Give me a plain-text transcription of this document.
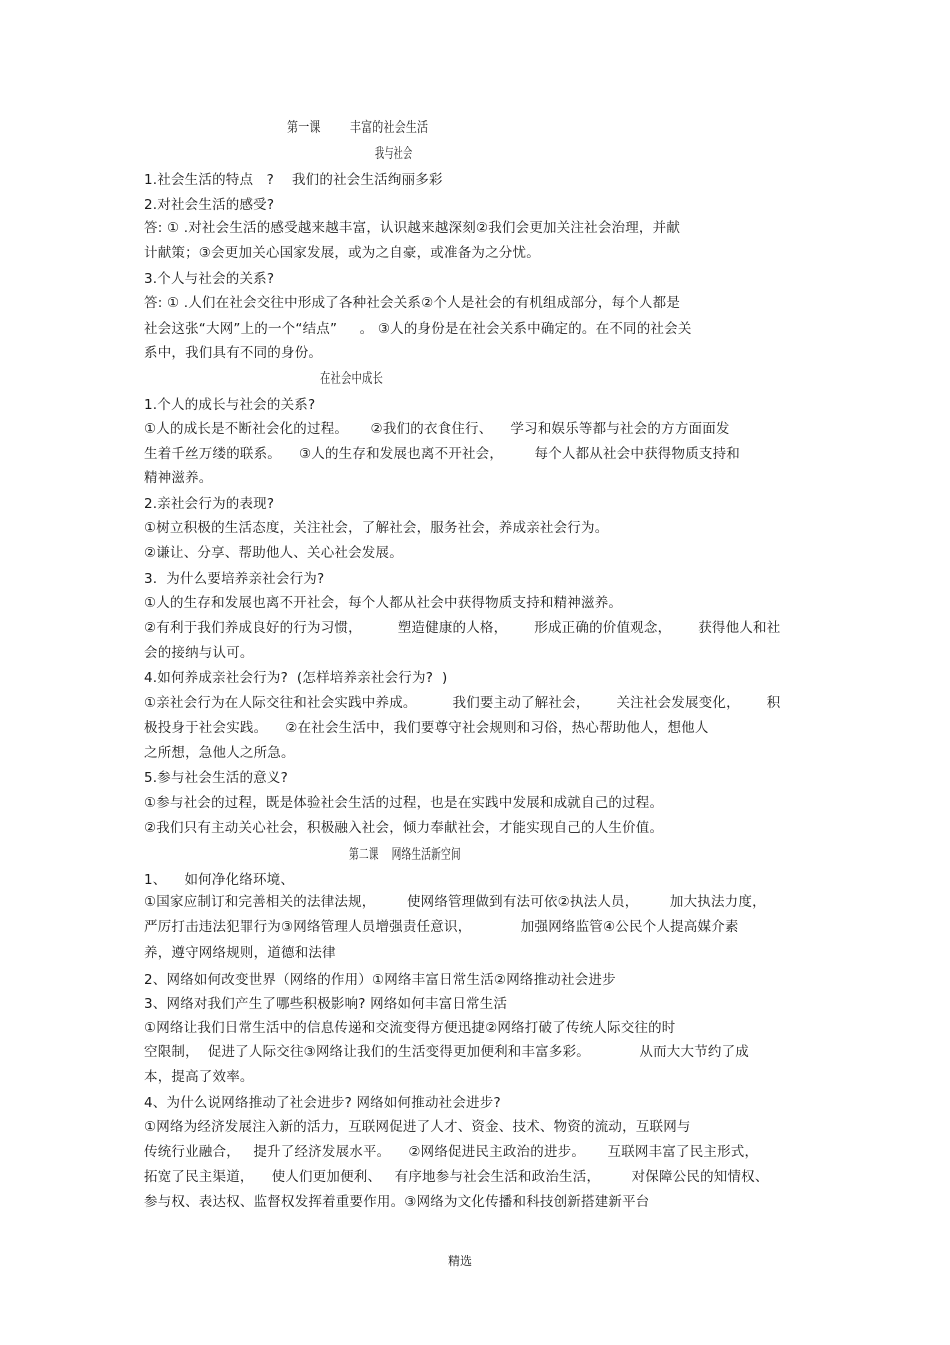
第一课        丰富的社会生活
我与社会
1.社会生活的特点   ?    我们的社会生活绚丽多彩
2.对社会生活的感受?
答: ① .对社会生活的感受越来越丰富，认识越来越深刻②我们会更加关注社会治理，并献
计献策；③会更加关心国家发展，或为之自豪，或准备为之分忧。
3.个人与社会的关系?
答: ① .人们在社会交往中形成了各种社会关系②个人是社会的有机组成部分，每个人都是
社会这张“大网”上的一个“结点”     。 ③人的身份是在社会关系中确定的。在不同的社会关
系中，我们具有不同的身份。
在社会中成长
1.个人的成长与社会的关系?
①人的成长是不断社会化的过程。     ②我们的衣食住行、    学习和娱乐等都与社会的方方面面发
生着千丝万缕的联系。    ③人的生存和发展也离不开社会，       每个人都从社会中获得物质支持和
精神滋养。
2.亲社会行为的表现?
①树立积极的生活态度，关注社会，了解社会，服务社会，养成亲社会行为。
②谦让、分享、帮助他人、关心社会发展。
3.  为什么要培养亲社会行为?
①人的生存和发展也离不开社会，每个人都从社会中获得物质支持和精神滋养。
②有利于我们养成良好的行为习惯，        塑造健康的人格，      形成正确的价值观念，      获得他人和社
会的接纳与认可。
4.如何养成亲社会行为?  (怎样培养亲社会行为?  )
①亲社会行为在人际交往和社会实践中养成。        我们要主动了解社会，      关注社会发展变化，      积
极投身于社会实践。    ②在社会生活中，我们要尊守社会规则和习俗，热心帮助他人，想他人
之所想，急他人之所急。
5.参与社会生活的意义?
①参与社会的过程，既是体验社会生活的过程，也是在实践中发展和成就自己的过程。
②我们只有主动关心社会，积极融入社会，倾力奉献社会，才能实现自己的人生价值。
第二课    网络生活新空间
1、    如何净化络环境、
①国家应制订和完善相关的法律法规，       使网络管理做到有法可依②执法人员，       加大执法力度，
严厉打击违法犯罪行为③网络管理人员增强责任意识，           加强网络监管④公民个人提高媒介素
养，遵守网络规则，道德和法律
2、网络如何改变世界（网络的作用）①网络丰富日常生活②网络推动社会进步
3、网络对我们产生了哪些积极影响? 网络如何丰富日常生活
①网络让我们日常生活中的信息传递和交流变得方便迅捷②网络打破了传统人际交往的时
空限制，  促进了人际交往③网络让我们的生活变得更加便利和丰富多彩。           从而大大节约了成
本，提高了效率。
4、为什么说网络推动了社会进步? 网络如何推动社会进步?
①网络为经济发展注入新的活力，互联网促进了人才、资金、技术、物资的流动，互联网与
传统行业融合，   提升了经济发展水平。    ②网络促进民主政治的进步。     互联网丰富了民主形式，
拓宽了民主渠道，    使人们更加便利、   有序地参与社会生活和政治生活，       对保障公民的知情权、
参与权、表达权、监督权发挥着重要作用。③网络为文化传播和科技创新搭建新平台
精选
